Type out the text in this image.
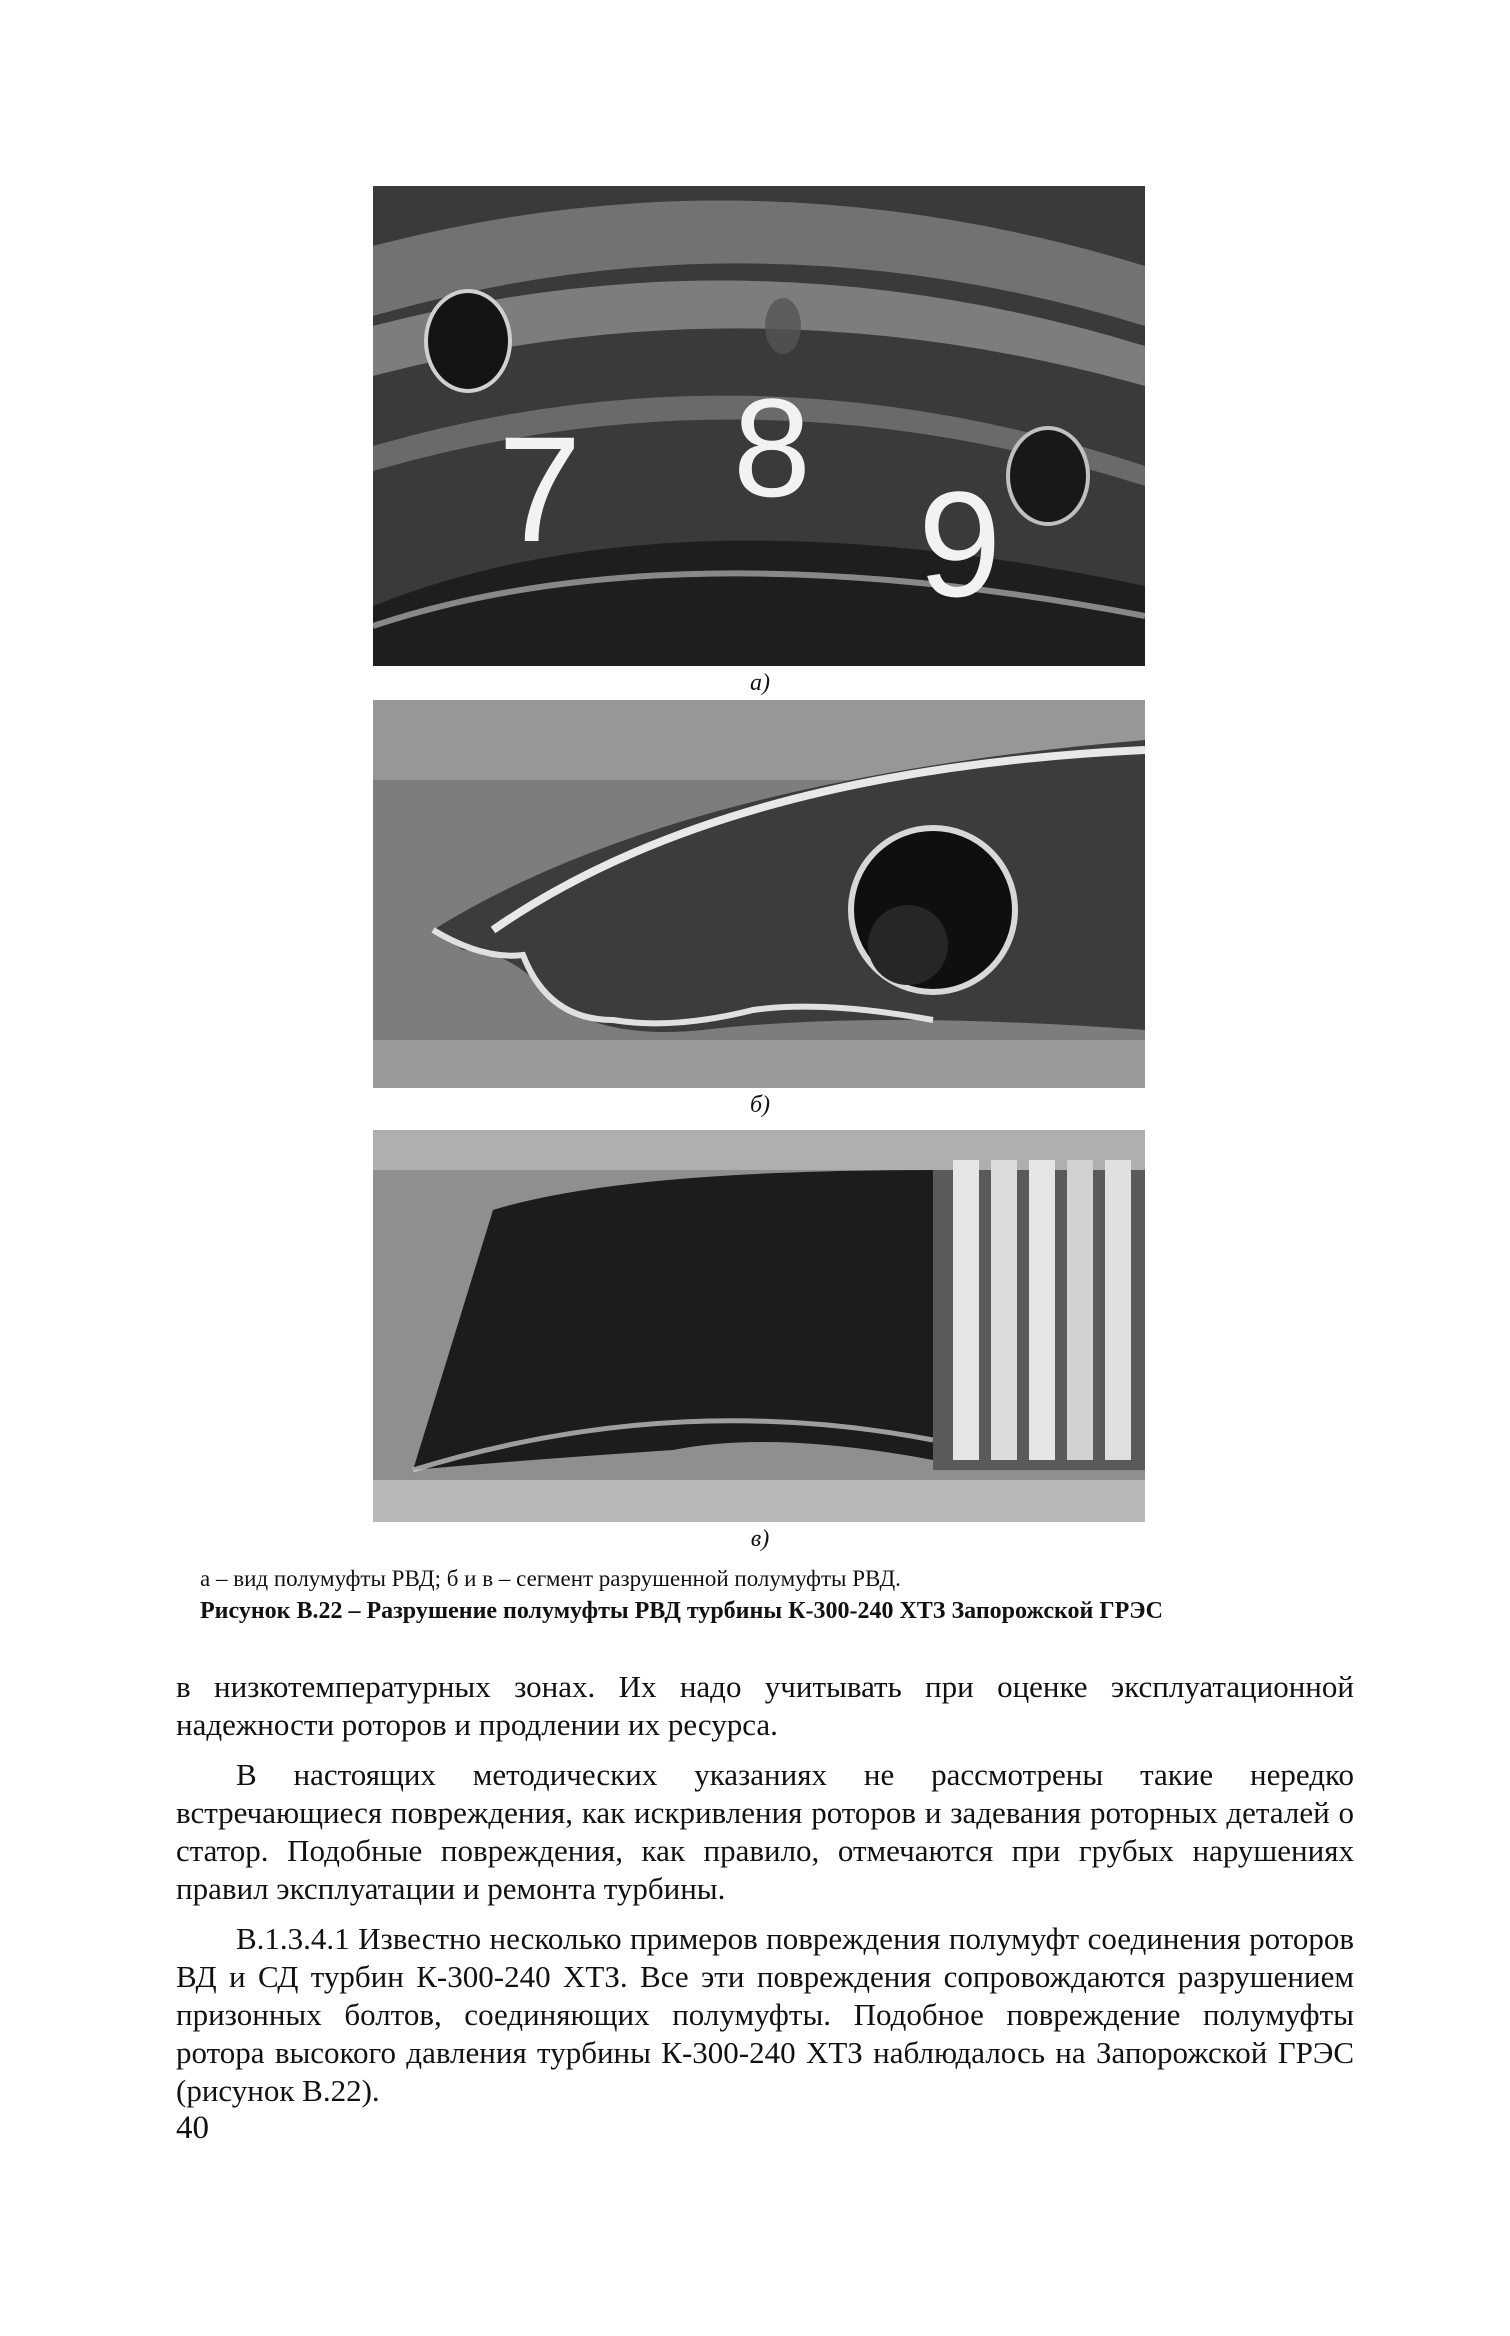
7 8
9
а)
б)
в)
а – вид полумуфты РВД; б и в – сегмент разрушенной полумуфты РВД.
Рисунок В.22 – Разрушение полумуфты РВД турбины К-300-240 ХТЗ Запорожской ГРЭС

в низкотемпературных зонах. Их надо учитывать при оценке эксплуатационной надежности роторов и продлении их ресурса.

В настоящих методических указаниях не рассмотрены такие нередко встречающиеся повреждения, как искривления роторов и задевания роторных деталей о статор. Подобные повреждения, как правило, отмечаются при грубых нарушениях правил эксплуатации и ремонта турбины.

В.1.3.4.1 Известно несколько примеров повреждения полумуфт соединения роторов ВД и СД турбин К-300-240 ХТЗ. Все эти повреждения сопровождаются разрушением призонных болтов, соединяющих полумуфты. Подобное повреждение полумуфты ротора высокого давления турбины К-300-240 ХТЗ наблюдалось на Запорожской ГРЭС (рисунок В.22).

40
